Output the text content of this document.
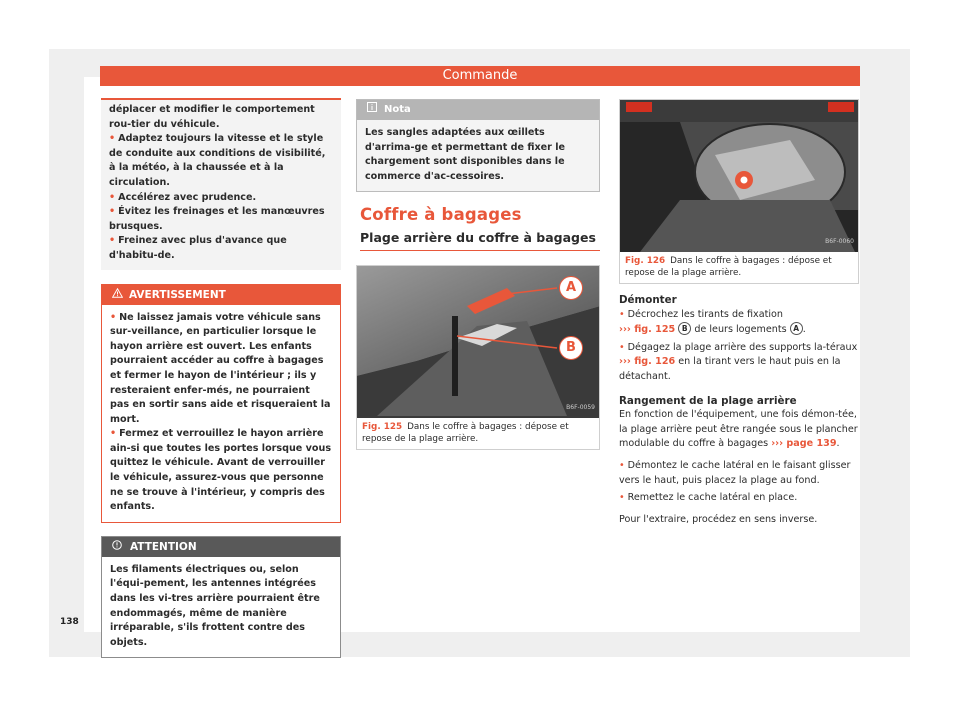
Commande

déplacer et modifier le comportement rou-tier du véhicule.

• Adaptez toujours la vitesse et le style de conduite aux conditions de visibilité, à la météo, à la chaussée et à la circulation.

• Accélérez avec prudence.

• Évitez les freinages et les manœuvres brusques.

• Freinez avec plus d'avance que d'habitu-de.

AVERTISSEMENT

• Ne laissez jamais votre véhicule sans sur-veillance, en particulier lorsque le hayon arrière est ouvert. Les enfants pourraient accéder au coffre à bagages et fermer le hayon de l'intérieur ; ils y resteraient enfer-més, ne pourraient pas en sortir sans aide et risqueraient la mort.

• Fermez et verrouillez le hayon arrière ain-si que toutes les portes lorsque vous quittez le véhicule. Avant de verrouiller le véhicule, assurez-vous que personne ne se trouve à l'intérieur, y compris des enfants.

ATTENTION
Les filaments électriques ou, selon l'équi-pement, les antennes intégrées dans les vi-tres arrière pourraient être endommagés, même de manière irréparable, s'ils frottent contre des objets.
Nota
Les sangles adaptées aux œillets d'arrima-ge et permettant de fixer le chargement sont disponibles dans le commerce d'ac-cessoires.
Coffre à bagages
Plage arrière du coffre à bagages
A
B
B6F-0059
Fig. 125 Dans le coffre à bagages : dépose et repose de la plage arrière.
B6F-0060
Fig. 126 Dans le coffre à bagages : dépose et repose de la plage arrière.

Démonter

• Décrochez les tirants de fixation
››› fig. 125 B de leurs logements A .

• Dégagez la plage arrière des supports la-téraux ››› fig. 126 en la tirant vers le haut puis en la détachant.

Rangement de la plage arrière

En fonction de l'équipement, une fois démon-tée, la plage arrière peut être rangée sous le plancher modulable du coffre à bagages ››› page 139.

• Démontez le cache latéral en le faisant glisser vers le haut, puis placez la plage au fond.

• Remettez le cache latéral en place.

Pour l'extraire, procédez en sens inverse.

138
